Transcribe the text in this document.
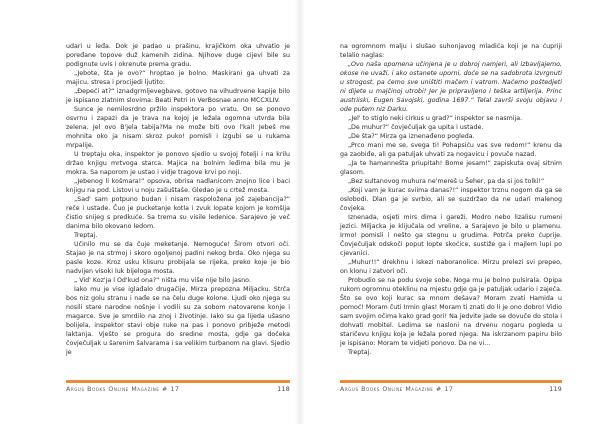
udari u leđa. Dok je padao u prašinu, krajičkom oka uhvatio je poređane topove duž kamenih zidina. Njihove duge cijevi bile su podignute uvis i okrenute prema gradu.

„Jebote, šta je ovo?“ hroptao je bolno. Maskirani ga uhvati za majicu, stresa i procijedi ljutito:

„Đepeći at?“ iznadgrmljevegbave, gotovo na vihudrvene kapije bilo je ispisano zlatnim slovima: Beati Petri in VerBosnae anno MCCXLIV.

Sunce je nemilosrdno pržilo inspektora po vratu. On se ponovo osvrnu i zapazi da je trava na kojoj je ležala ogomna utvrda bila zelena. Jel ovo B'jela tabija?Ma ne može biti ovo l'kal! Jebeš me mohnita oko ja nisam skroz puko! pomisli i izgubi se u rukama mrpalije.

U treptaju oka, inspektor je ponovo sjedio u svojoj fotelji i na krilu držao knjigu mrtvoga starca. Majica na bolnim leđima bila mu je mokra. Sa naporom je ustao i vidje tragove krvi po noji.

„Jebenog li košmara!“ opsova, obrisa nadlanicom znojno lice i baci knjigu na pod. Listovi u noju zašuštaše. Gledao je u crtež mosta.

„Sad' sam potpuno budan i nisam raspoložena još zajebancija?“ reče i ustade. Čuo je pucketanje kotla i zvuk lopate kojom je komšija čistio snijeg s predkuće. Sa trema su visile ledenice. Sarajevo je več danima bilo okovano ledom.

Treptaj.

Učinilo mu se da čuje meketanje. Nemoguće! Širom otvori oči. Stajao je na strmoj i skoro ogoljenoj padini nekog brda. Oko njega su pasle koze. Kroz usku klisuru probijala se rijeka, preko koje je bio nadvijen visoki luk bijeloga mosta.

„ Vid' Koz'ja l Od'kud ona?“ ništa mu više nije bilo jasno.

Iako mu je vise iglađalo drugačije, Mirza prepozna Miljacku. Strča bos niz golu stranu i nađe se na čelu duge kolone. Ljudi oko njega su nosili stare narodne nošnje i vodili su za sobom natovarene konje i magarce. Sve je smrdilo na znoj i životinje. Iako su ga lijeda ušasno bolijela, inspektor stavi obje ruke na pas i ponovo pribježe metodi laktanja. Vješto se progura do sredine mosta, gdje ga dočeka čovječuljak u šarenim šalvarama i sa velikim turbanom na glavi. Sjedio je

Argus Books Online Magazine # 17	118

na ogromnom malju i slušao suhonjavog mladića koji je na ćupriji telalio naglas:

„Ovo naša opomena učinjena je u dobroj namjeri, ali izbavljajemo, okose ne uvaži, i ako ostanete uporni, doće se na sadobrota izvrgnuti u strogost, pa ćemo sve uništiti mačem i vatrom. Naćemo poštedjeti ni dijete u majčinoj utrobi! Jer je pripravljeno i teška artiljerija. Princ austriiski, Eugen Savojski, godina 1697.“ Telal završi svoju objavu i ode putem niz Darku.

„Jel' to stiglo neki cirkus u grad?“ inspektor se nasmija.

„De muhur?“ čovječuljak ga upita i ustade.

„De šta?“ Mirza ga iznenađeno pogleda.

„Prco mani me se, svega ti! Pohapsiću vas sve redom!“ krenu da ga zaobiđe, ali ga patuljak uhvati za nogavicu i povuče nazad.

„Ja te hamannešta priupitah! Bome jesam!“ zapiskuta ovaj sitnim glasom.

„Bez sultanovog muhura ne'mereš u Šeher, pa da si jos tolki!“

„Koji vam je kurac sviima danas?!“ inspektor trznu nogom da ga se oslobodi. Dlan ga je svrbio, ali se suzdržao da ne udari malenog čovjeka.

Iznenada, osjeti mirs dima i gareži. Modro nebo lizalisu rumeni jezici. Miljacka je klijučala od vreline, a Sarajevo je bilo u plamenu. Irmo! pomisli i nešto ga stegnu u grudima. Potrča preko ćuprije. Čovječuljak odskoči poput lopte skoćice, sustiže ga i majlem lupi po cjevanici.

„Muhur!!“ drekhnu i iskezi naboranolice. Mirzu prelezi svi prepeo, on klonu i zatvori oči.

Probudio se na podu svoje sobe. Noga mu je bolno pulsirala. Opipa rukom ogromnu oteklinu na mjestu gdje ga je patuljak udario i zaječa. Što se ovo koji kurac sa mnom dešava? Moram zvati Hamida u pomoć! Moram čuti Irmin glas! Moram ti znati do li je ono dobro! Vidio sam svojim očima kako grad gori! Na jedvite jade se dovuče do stola i dohvati mobitel. Ledima se nasloni na drvenu nogaru pogleda u staričevu knjigu koja je ležala pored njega. Na iskrzanom papiru bilo je ispisano: Moram te vidjeti ponovo. Da ne vi...

Treptaj.

Argus Books Online Magazine # 17	119
